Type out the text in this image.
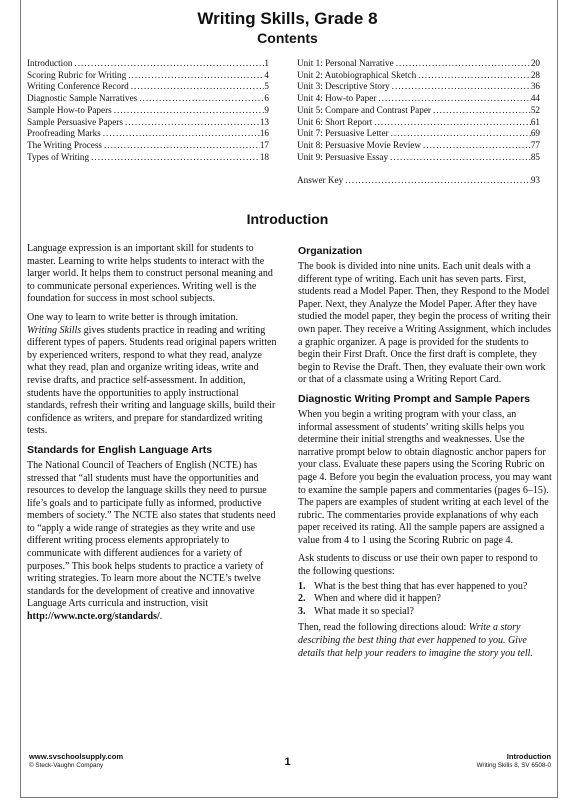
Writing Skills, Grade 8
Contents
Introduction .....	1
Scoring Rubric for Writing .....	4
Writing Conference Record .....	5
Diagnostic Sample Narratives .....	6
Sample How-to Papers .....	9
Sample Persuasive Papers .....	13
Proofreading Marks .....	16
The Writing Process .....	17
Types of Writing .....	18
Unit 1: Personal Narrative .....	20
Unit 2: Autobiographical Sketch .....	28
Unit 3: Descriptive Story .....	36
Unit 4: How-to Paper .....	44
Unit 5: Compare and Contrast Paper .....	52
Unit 6: Short Report .....	61
Unit 7: Persuasive Letter .....	69
Unit 8: Persuasive Movie Review .....	77
Unit 9: Persuasive Essay .....	85
Answer Key .....	93
Introduction

Language expression is an important skill for students to master. Learning to write helps students to interact with the larger world. It helps them to construct personal meaning and to communicate personal experiences. Writing well is the foundation for success in most school subjects.

One way to learn to write better is through imitation.
Writing Skills gives students practice in reading and writing different types of papers. Students read original papers written by experienced writers, respond to what they read, analyze what they read, plan and organize writing ideas, write and revise drafts, and practice self-assessment. In addition, students have the opportunities to apply instructional standards, refresh their writing and language skills, build their confidence as writers, and prepare for standardized writing tests.

Standards for English Language Arts

The National Council of Teachers of English (NCTE) has stressed that “all students must have the opportunities and resources to develop the language skills they need to pursue life’s goals and to participate fully as informed, productive members of society.” The NCTE also states that students need to “apply a wide range of strategies as they write and use different writing process elements appropriately to communicate with different audiences for a variety of purposes.” This book helps students to practice a variety of writing strategies. To learn more about the NCTE’s twelve standards for the development of creative and innovative Language Arts curricula and instruction, visit
http://www.ncte.org/standards/.

Organization

The book is divided into nine units. Each unit deals with a different type of writing. Each unit has seven parts. First, students read a Model Paper. Then, they Respond to the Model Paper. Next, they Analyze the Model Paper. After they have studied the model paper, they begin the process of writing their own paper. They receive a Writing Assignment, which includes a graphic organizer. A page is provided for the students to begin their First Draft. Once the first draft is complete, they begin to Revise the Draft. Then, they evaluate their own work or that of a classmate using a Writing Report Card.

Diagnostic Writing Prompt and Sample Papers

When you begin a writing program with your class, an informal assessment of students’ writing skills helps you determine their initial strengths and weaknesses. Use the narrative prompt below to obtain diagnostic anchor papers for your class. Evaluate these papers using the Scoring Rubric on page 4. Before you begin the evaluation process, you may want to examine the sample papers and commentaries (pages 6–15). The papers are examples of student writing at each level of the rubric. The commentaries provide explanations of why each paper received its rating. All the sample papers are assigned a value from 4 to 1 using the Scoring Rubric on page 4.

Ask students to discuss or use their own paper to respond to the following questions:

1. What is the best thing that has ever happened to you?
2. When and where did it happen?
3. What made it so special?

Then, read the following directions aloud: Write a story describing the best thing that ever happened to you. Give details that help your readers to imagine the story you tell.

www.svschoolsupply.com
© Steck-Vaughn Company	1	Introduction
Writing Skills 8, SV 6508-0
